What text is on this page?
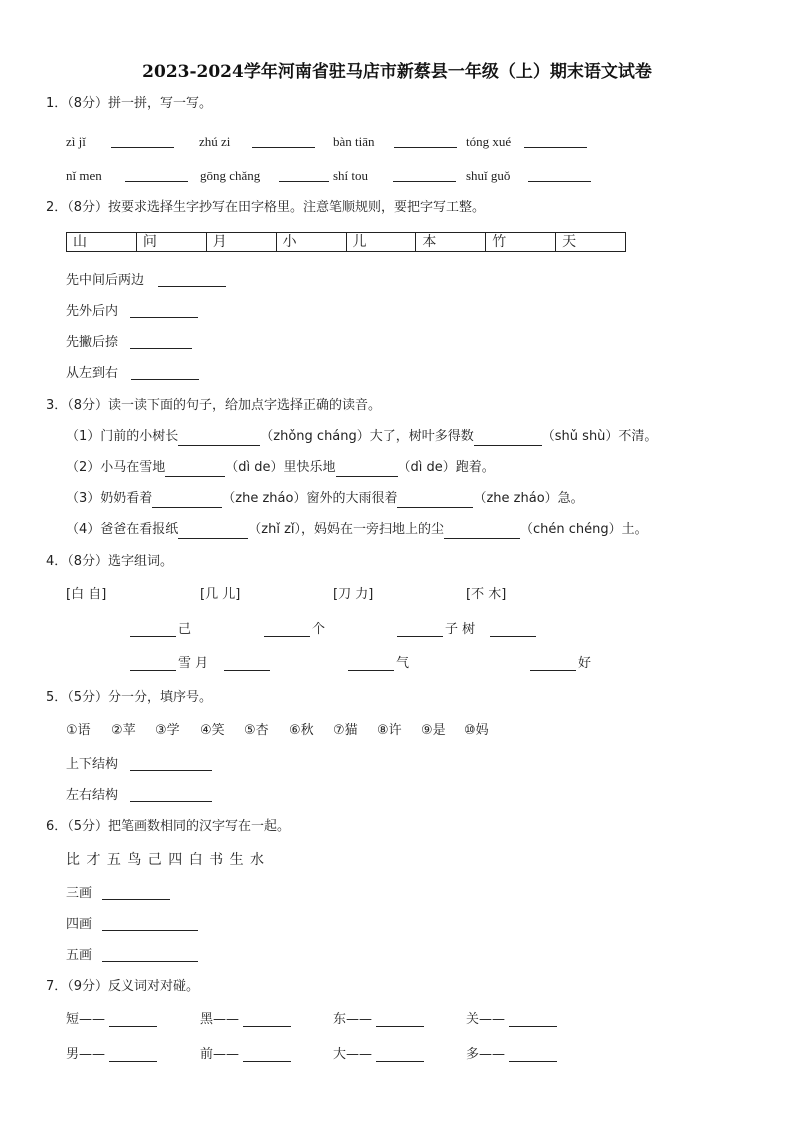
2023-2024学年河南省驻马店市新蔡县一年级（上）期末语文试卷
1．（8分）拼一拼，写一写。
zì jǐ	zhú zi	bàn tiān	tóng xué
nǐ men	gōng chǎng	shí tou	shuǐ guǒ
2．（8分）按要求选择生字抄写在田字格里。注意笔顺规则，要把字写工整。
山	问	月	小	儿	本	竹	天
先中间后两边
先外后内
先撇后捺
从左到右
3．（8分）读一读下面的句子，给加点字选择正确的读音。
（1）门前的小树长	（zhǒng cháng）大了，树叶多得数	（shǔ shù）不清。
（2）小马在雪地	（dì de）里快乐地	（dì de）跑着。
（3）奶奶看着	（zhe zháo）窗外的大雨很着	（zhe zháo）急。
（4）爸爸在看报纸	（zhǐ zǐ），妈妈在一旁扫地上的尘	（chén chéng）土。
4．（8分）选字组词。
[白 自]	[几 儿]	[刀 力]	[不 木]
己	个	子 树
雪 月	气	好
5．（5分）分一分，填序号。
①语 ②苹 ③学 ④笑 ⑤杏 ⑥秋 ⑦猫 ⑧许 ⑨是 ⑩妈
上下结构
左右结构
6．（5分）把笔画数相同的汉字写在一起。
比 才 五 鸟 己 四 白 书 生 水
三画
四画
五画
7．（9分）反义词对对碰。
短——	黑——	东——	关——
男——	前——	大——	多——
